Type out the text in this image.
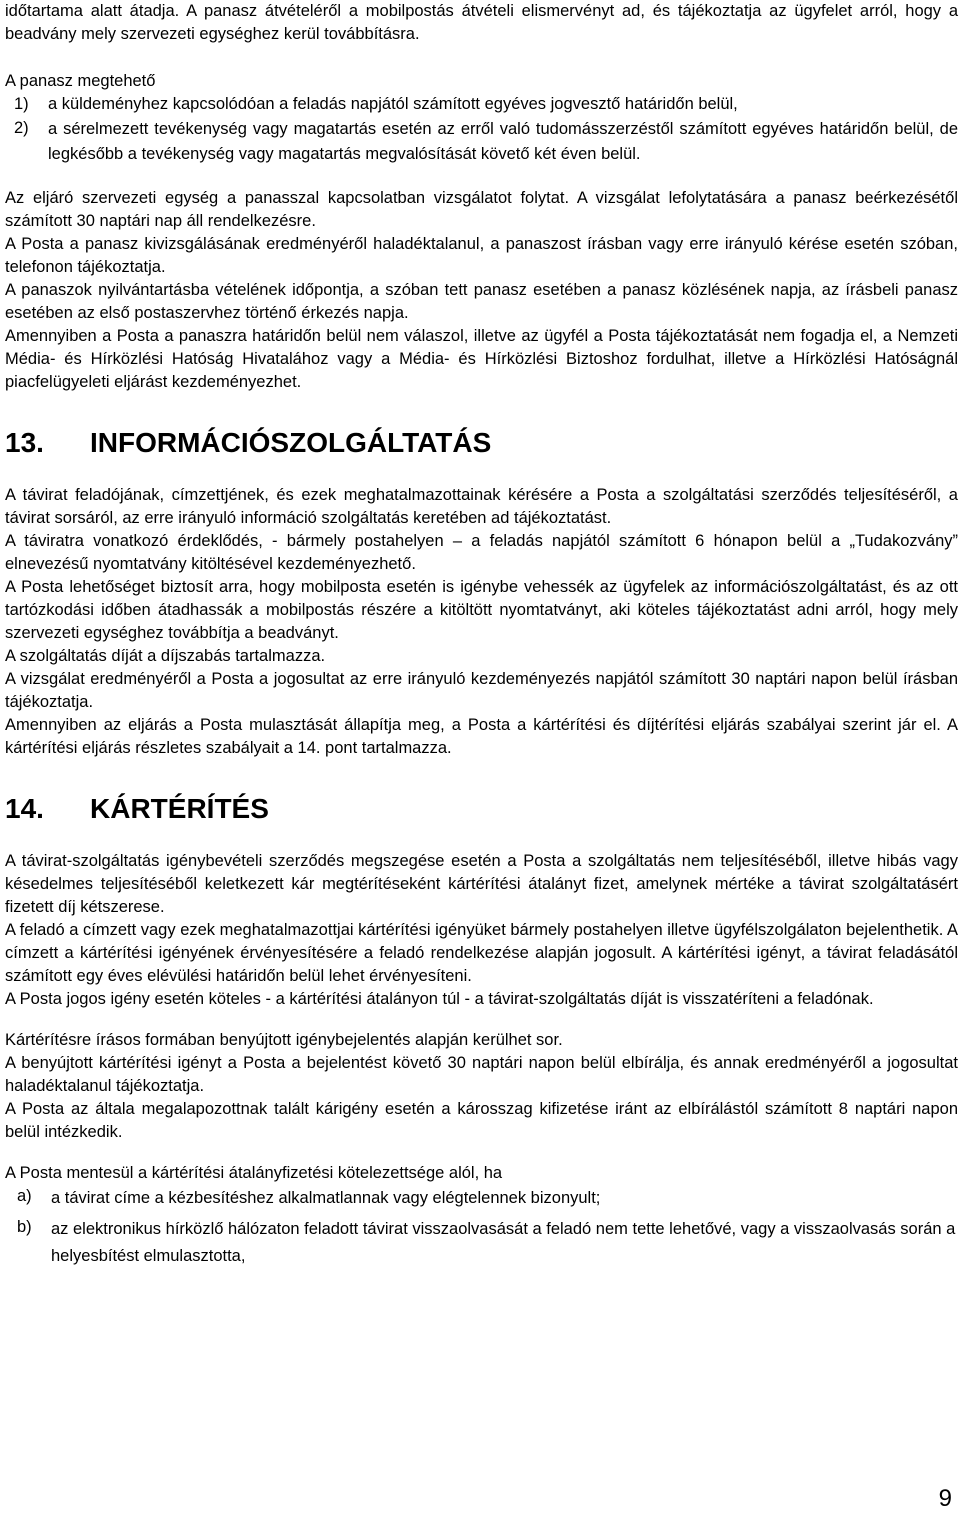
időtartama alatt átadja. A panasz átvételéről a mobilpostás átvételi elismervényt ad, és tájékoztatja az ügyfelet arról, hogy a beadvány mely szervezeti egységhez kerül továbbításra.

A panasz megtehető

1)	a küldeményhez kapcsolódóan a feladás napjától számított egyéves jogvesztő határidőn belül,
2)	a sérelmezett tevékenység vagy magatartás esetén az erről való tudomásszerzéstől számított egyéves határidőn belül, de legkésőbb a tevékenység vagy magatartás megvalósítását követő két éven belül.

Az eljáró szervezeti egység a panasszal kapcsolatban vizsgálatot folytat. A vizsgálat lefolytatására a panasz beérkezésétől számított 30 naptári nap áll rendelkezésre.

A Posta a panasz kivizsgálásának eredményéről haladéktalanul, a panaszost írásban vagy erre irányuló kérése esetén szóban, telefonon tájékoztatja.

A panaszok nyilvántartásba vételének időpontja, a szóban tett panasz esetében a panasz közlésének napja, az írásbeli panasz esetében az első postaszervhez történő érkezés napja.

Amennyiben a Posta a panaszra határidőn belül nem válaszol, illetve az ügyfél a Posta tájékoztatását nem fogadja el, a Nemzeti Média- és Hírközlési Hatóság Hivatalához vagy a Média- és Hírközlési Biztoshoz fordulhat, illetve a Hírközlési Hatóságnál piacfelügyeleti eljárást kezdeményezhet.

13.	INFORMÁCIÓSZOLGÁLTATÁS

A távirat feladójának, címzettjének, és ezek meghatalmazottainak kérésére a Posta a szolgáltatási szerződés teljesítéséről, a távirat sorsáról, az erre irányuló információ szolgáltatás keretében ad tájékoztatást.

A táviratra vonatkozó érdeklődés, - bármely postahelyen – a feladás napjától számított 6 hónapon belül a „Tudakozvány” elnevezésű nyomtatvány kitöltésével kezdeményezhető.

A Posta lehetőséget biztosít arra, hogy mobilposta esetén is igénybe vehessék az ügyfelek az információszolgáltatást, és az ott tartózkodási időben átadhassák a mobilpostás részére a kitöltött nyomtatványt, aki köteles tájékoztatást adni arról, hogy mely szervezeti egységhez továbbítja a beadványt.

A szolgáltatás díját a díjszabás tartalmazza.

A vizsgálat eredményéről a Posta a jogosultat az erre irányuló kezdeményezés napjától számított 30 naptári napon belül írásban tájékoztatja.

Amennyiben az eljárás a Posta mulasztását állapítja meg, a Posta a kártérítési és díjtérítési eljárás szabályai szerint jár el. A kártérítési eljárás részletes szabályait a 14. pont tartalmazza.

14.	KÁRTÉRÍTÉS

A távirat-szolgáltatás igénybevételi szerződés megszegése esetén a Posta a szolgáltatás nem teljesítéséből, illetve hibás vagy késedelmes teljesítéséből keletkezett kár megtérítéseként kártérítési átalányt fizet, amelynek mértéke a távirat szolgáltatásért fizetett díj kétszerese.

A feladó a címzett vagy ezek meghatalmazottjai kártérítési igényüket bármely postahelyen illetve ügyfélszolgálaton bejelenthetik. A címzett a kártérítési igényének érvényesítésére a feladó rendelkezése alapján jogosult. A kártérítési igényt, a távirat feladásától számított egy éves elévülési határidőn belül lehet érvényesíteni.

A Posta jogos igény esetén köteles - a kártérítési átalányon túl - a távirat-szolgáltatás díját is visszatéríteni a feladónak.

Kártérítésre írásos formában benyújtott igénybejelentés alapján kerülhet sor.

A benyújtott kártérítési igényt a Posta a bejelentést követő 30 naptári napon belül elbírálja, és annak eredményéről a jogosultat haladéktalanul tájékoztatja.

A Posta az általa megalapozottnak talált kárigény esetén a károsszag kifizetése iránt az elbírálástól számított 8 naptári napon belül intézkedik.

A Posta mentesül a kártérítési átalányfizetési kötelezettsége alól, ha

a)	a távirat címe a kézbesítéshez alkalmatlannak vagy elégtelennek bizonyult;
b)	az elektronikus hírközlő hálózaton feladott távirat visszaolvasását a feladó nem tette lehetővé, vagy a visszaolvasás során a helyesbítést elmulasztotta,
9
